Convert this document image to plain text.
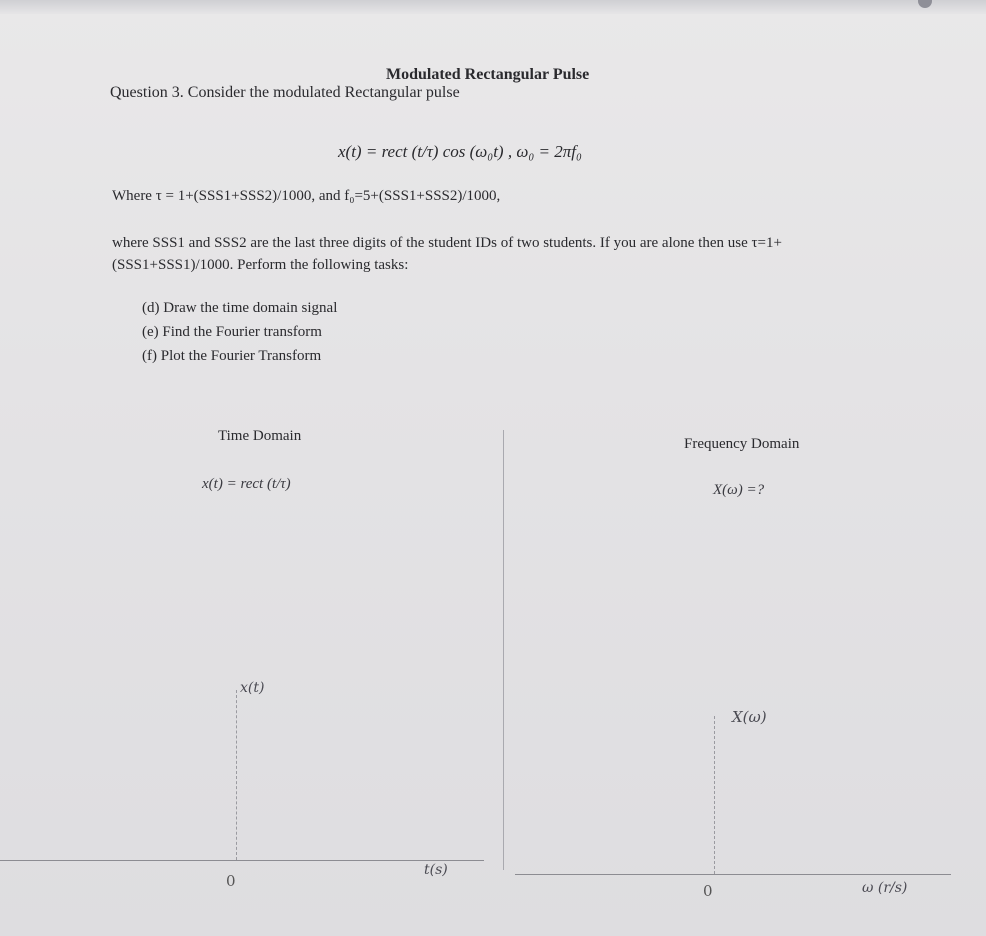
Modulated Rectangular Pulse
Question 3. Consider the modulated Rectangular pulse
x(t) = rect (t/τ) cos (ω₀t) , ω₀ = 2πf₀
Where τ = 1+(SSS1+SSS2)/1000, and f₀=5+(SSS1+SSS2)/1000,
where SSS1 and SSS2 are the last three digits of the student IDs of two students. If you are alone then use τ=1+(SSS1+SSS1)/1000. Perform the following tasks:
(d) Draw the time domain signal
(e) Find the Fourier transform
(f) Plot the Fourier Transform
Time Domain
x(t) = rect (t/τ)
x(t)
0
t(s)
Frequency Domain
X(ω) =?
X(ω)
0	ω (r/s)
